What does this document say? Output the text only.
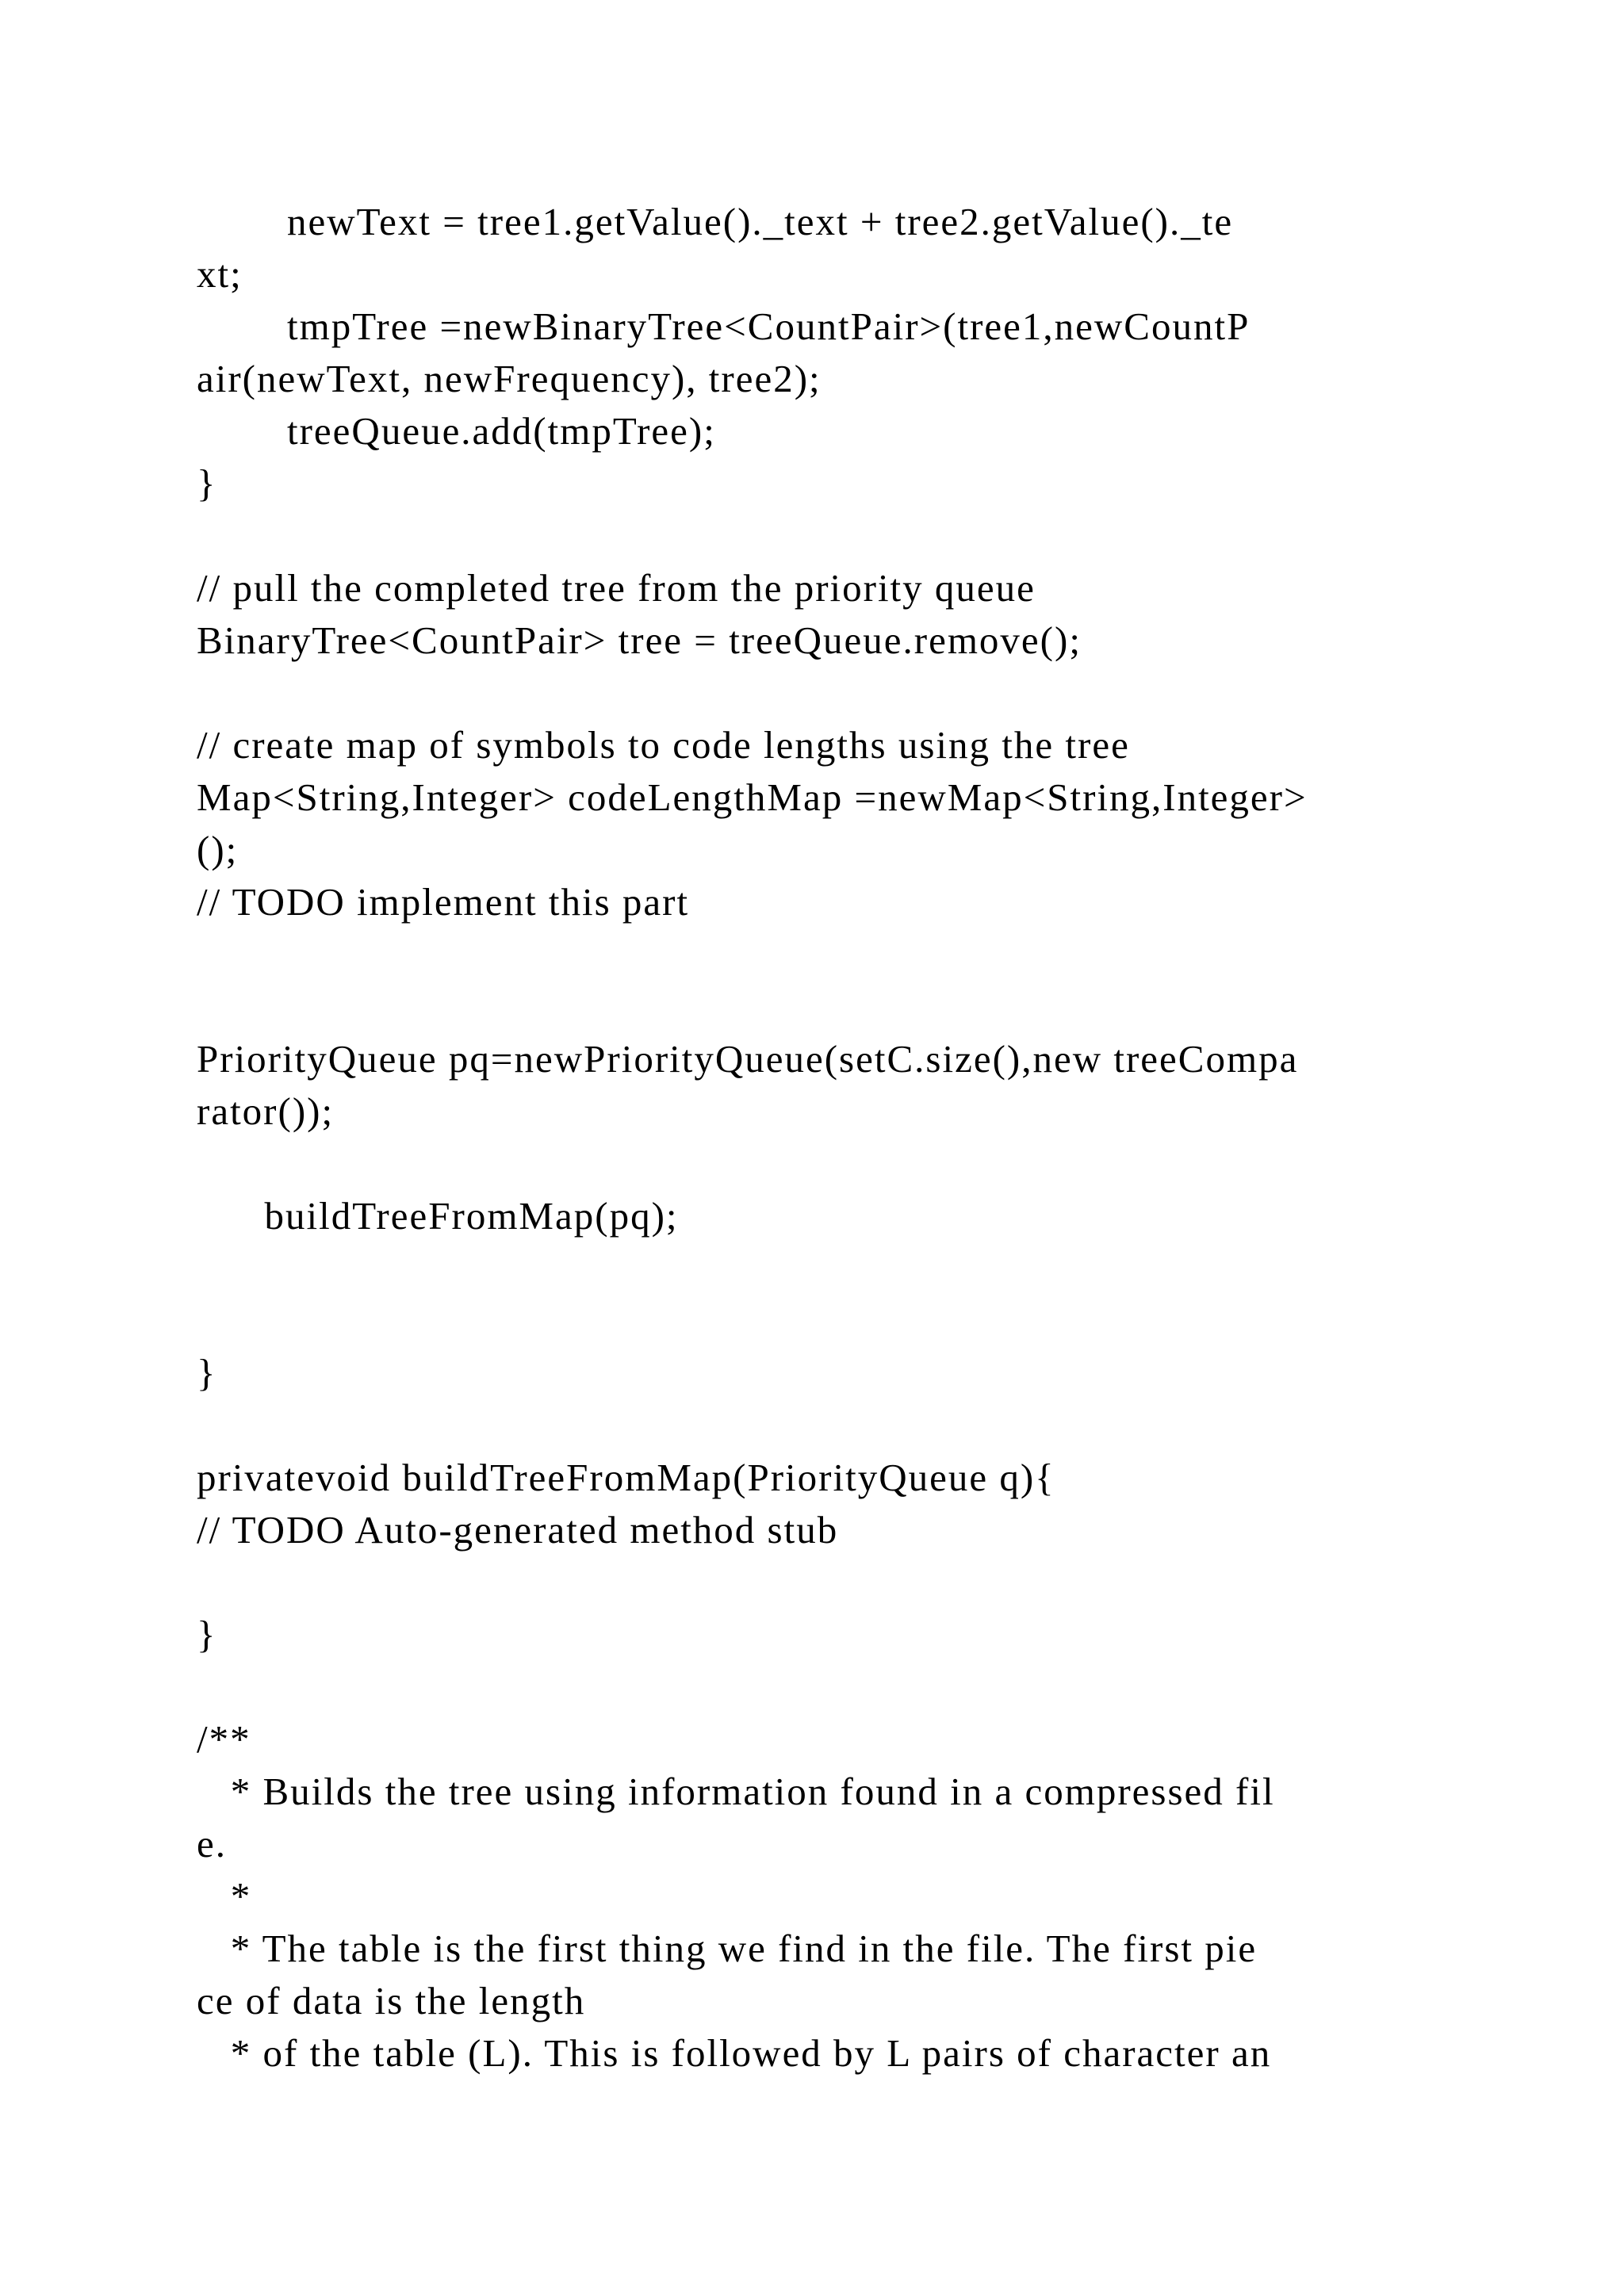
newText = tree1.getValue()._text + tree2.getValue()._te
xt;
tmpTree =newBinaryTree<CountPair>(tree1,newCountP
air(newText, newFrequency), tree2);
treeQueue.add(tmpTree);
}
// pull the completed tree from the priority queue
BinaryTree<CountPair> tree = treeQueue.remove();
// create map of symbols to code lengths using the tree
Map<String,Integer> codeLengthMap =newMap<String,Integer>
();
// TODO implement this part
PriorityQueue pq=newPriorityQueue(setC.size(),new treeCompa
rator());
buildTreeFromMap(pq);
}
privatevoid buildTreeFromMap(PriorityQueue q){
// TODO Auto-generated method stub
}
/**
* Builds the tree using information found in a compressed fil
e.
*
* The table is the first thing we find in the file. The first pie
ce of data is the length
* of the table (L). This is followed by L pairs of character an
